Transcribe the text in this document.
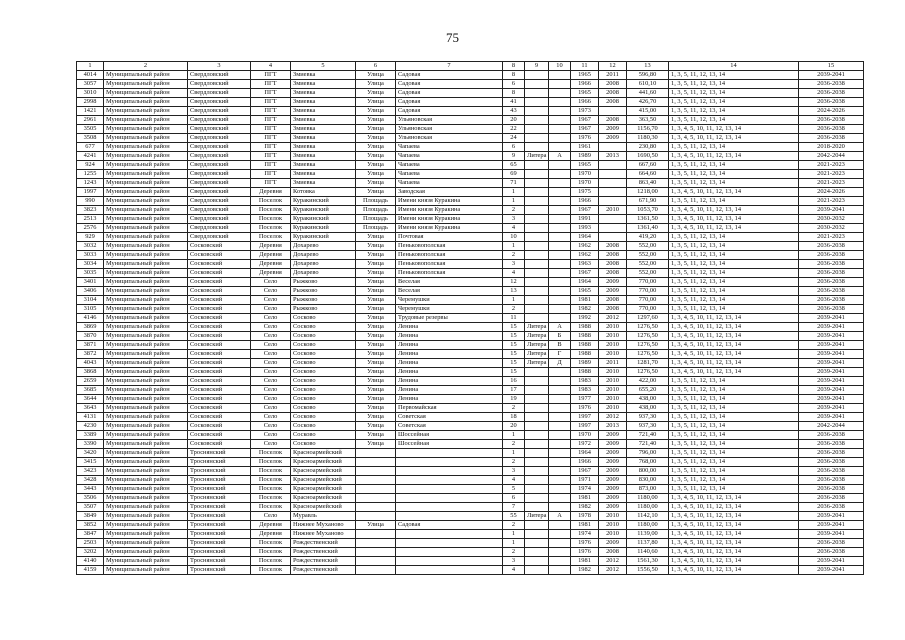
75
1	2	3	4	5	6	7	8	9	10	11	12	13	14	15
4014	Муниципальный район	Свердловский	ПГТ	Змиевка	Улица	Садовая	8			1965	2011	596,80	1, 3, 5, 11, 12, 13, 14	2039-2041
3057	Муниципальный район	Свердловский	ПГТ	Змиевка	Улица	Садовая	6			1966	2008	610,10	1, 3, 5, 11, 12, 13, 14	2036-2038
3010	Муниципальный район	Свердловский	ПГТ	Змиевка	Улица	Садовая	8			1965	2008	441,60	1, 3, 5, 11, 12, 13, 14	2036-2038
2998	Муниципальный район	Свердловский	ПГТ	Змиевка	Улица	Садовая	41			1966	2008	426,70	1, 3, 5, 11, 12, 13, 14	2036-2038
1421	Муниципальный район	Свердловский	ПГТ	Змиевка	Улица	Садовая	43			1973		415,00	1, 3, 5, 11, 12, 13, 14	2024-2026
2961	Муниципальный район	Свердловский	ПГТ	Змиевка	Улица	Ульяновская	20			1967	2008	363,50	1, 3, 5, 11, 12, 13, 14	2036-2038
3505	Муниципальный район	Свердловский	ПГТ	Змиевка	Улица	Ульяновская	22			1967	2009	1156,70	1, 3, 4, 5, 10, 11, 12, 13, 14	2036-2038
3508	Муниципальный район	Свердловский	ПГТ	Змиевка	Улица	Ульяновская	24			1976	2009	1180,30	1, 3, 4, 5, 10, 11, 12, 13, 14	2036-2038
677	Муниципальный район	Свердловский	ПГТ	Змиевка	Улица	Чапаева	6			1961		230,80	1, 3, 5, 11, 12, 13, 14	2018-2020
4241	Муниципальный район	Свердловский	ПГТ	Змиевка	Улица	Чапаева	9	Литера	А	1989	2013	1690,50	1, 3, 4, 5, 10, 11, 12, 13, 14	2042-2044
924	Муниципальный район	Свердловский	ПГТ	Змиевка	Улица	Чапаева	65			1965		667,60	1, 3, 5, 11, 12, 13, 14	2021-2023
1255	Муниципальный район	Свердловский	ПГТ	Змиевка	Улица	Чапаева	69			1970		664,60	1, 3, 5, 11, 12, 13, 14	2021-2023
1243	Муниципальный район	Свердловский	ПГТ	Змиевка	Улица	Чапаева	71			1970		863,40	1, 3, 5, 11, 12, 13, 14	2021-2023
1997	Муниципальный район	Свердловский	Деревня	Котовка	Улица	Заводская	1			1975		1218,00	1, 3, 4, 5, 10, 11, 12, 13, 14	2024-2026
990	Муниципальный район	Свердловский	Поселок	Куракинский	Площадь	Имени князя Куракина	1			1966		671,90	1, 3, 5, 11, 12, 13, 14	2021-2023
3823	Муниципальный район	Свердловский	Поселок	Куракинский	Площадь	Имени князя Куракина	2			1967	2010	1053,70	1, 3, 4, 5, 10, 11, 12, 13, 14	2039-2041
2513	Муниципальный район	Свердловский	Поселок	Куракинский	Площадь	Имени князя Куракина	3			1991		1361,50	1, 3, 4, 5, 10, 11, 12, 13, 14	2030-2032
2576	Муниципальный район	Свердловский	Поселок	Куракинский	Площадь	Имени князя Куракина	4			1993		1361,40	1, 3, 4, 5, 10, 11, 12, 13, 14	2030-2032
929	Муниципальный район	Свердловский	Поселок	Куракинский	Улица	Почтовая	10			1964		419,20	1, 3, 5, 11, 12, 13, 14	2021-2023
3032	Муниципальный район	Сосковский	Деревня	Дохарево	Улица	Пеньковополская	1			1962	2008	552,00	1, 3, 5, 11, 12, 13, 14	2036-2038
3033	Муниципальный район	Сосковский	Деревня	Дохарево	Улица	Пеньковополская	2			1962	2008	552,00	1, 3, 5, 11, 12, 13, 14	2036-2038
3034	Муниципальный район	Сосковский	Деревня	Дохарево	Улица	Пеньковополская	3			1963	2008	552,00	1, 3, 5, 11, 12, 13, 14	2036-2038
3035	Муниципальный район	Сосковский	Деревня	Дохарево	Улица	Пеньковополская	4			1967	2008	552,00	1, 3, 5, 11, 12, 13, 14	2036-2038
3401	Муниципальный район	Сосковский	Село	Рыжково	Улица	Веселая	12			1964	2009	770,00	1, 3, 5, 11, 12, 13, 14	2036-2038
3406	Муниципальный район	Сосковский	Село	Рыжково	Улица	Веселая	13			1965	2009	770,00	1, 3, 5, 11, 12, 13, 14	2036-2038
3104	Муниципальный район	Сосковский	Село	Рыжково	Улица	Черемушки	1			1981	2008	770,00	1, 3, 5, 11, 12, 13, 14	2036-2038
3105	Муниципальный район	Сосковский	Село	Рыжково	Улица	Черемушки	2			1982	2008	770,00	1, 3, 5, 11, 12, 13, 14	2036-2038
4146	Муниципальный район	Сосковский	Село	Сосково	Улица	Трудовые резервы	11			1992	2012	1297,60	1, 3, 4, 5, 10, 11, 12, 13, 14	2039-2041
3869	Муниципальный район	Сосковский	Село	Сосково	Улица	Ленина	15	Литера	А	1988	2010	1276,50	1, 3, 4, 5, 10, 11, 12, 13, 14	2039-2041
3870	Муниципальный район	Сосковский	Село	Сосково	Улица	Ленина	15	Литера	Б	1988	2010	1276,50	1, 3, 4, 5, 10, 11, 12, 13, 14	2039-2041
3871	Муниципальный район	Сосковский	Село	Сосково	Улица	Ленина	15	Литера	В	1988	2010	1276,50	1, 3, 4, 5, 10, 11, 12, 13, 14	2039-2041
3872	Муниципальный район	Сосковский	Село	Сосково	Улица	Ленина	15	Литера	Г	1988	2010	1276,50	1, 3, 4, 5, 10, 11, 12, 13, 14	2039-2041
4043	Муниципальный район	Сосковский	Село	Сосково	Улица	Ленина	15	Литера	Д	1989	2011	1281,70	1, 3, 4, 5, 10, 11, 12, 13, 14	2039-2041
3868	Муниципальный район	Сосковский	Село	Сосково	Улица	Ленина	15			1988	2010	1276,50	1, 3, 4, 5, 10, 11, 12, 13, 14	2039-2041
2659	Муниципальный район	Сосковский	Село	Сосково	Улица	Ленина	16			1983	2010	422,00	1, 3, 5, 11, 12, 13, 14	2039-2041
3685	Муниципальный район	Сосковский	Село	Сосково	Улица	Ленина	17			1983	2010	655,20	1, 3, 5, 11, 12, 13, 14	2039-2041
3644	Муниципальный район	Сосковский	Село	Сосково	Улица	Ленина	19			1977	2010	438,00	1, 3, 5, 11, 12, 13, 14	2039-2041
3643	Муниципальный район	Сосковский	Село	Сосково	Улица	Первомайская	2			1976	2010	438,00	1, 3, 5, 11, 12, 13, 14	2039-2041
4131	Муниципальный район	Сосковский	Село	Сосково	Улица	Советская	18			1997	2012	937,30	1, 3, 5, 11, 12, 13, 14	2039-2041
4230	Муниципальный район	Сосковский	Село	Сосково	Улица	Советская	20			1997	2013	937,30	1, 3, 5, 11, 12, 13, 14	2042-2044
3389	Муниципальный район	Сосковский	Село	Сосково	Улица	Шоссейная	1			1970	2009	721,40	1, 3, 5, 11, 12, 13, 14	2036-2038
3390	Муниципальный район	Сосковский	Село	Сосково	Улица	Шоссейная	2			1972	2009	721,40	1, 3, 5, 11, 12, 13, 14	2036-2038
3420	Муниципальный район	Троснянский	Поселок	Красноармейский			1			1964	2009	796,00	1, 3, 5, 11, 12, 13, 14	2036-2038
3415	Муниципальный район	Троснянский	Поселок	Красноармейский			2			1966	2009	768,00	1, 3, 5, 11, 12, 13, 14	2036-2038
3423	Муниципальный район	Троснянский	Поселок	Красноармейский			3			1967	2009	800,00	1, 3, 5, 11, 12, 13, 14	2036-2038
3428	Муниципальный район	Троснянский	Поселок	Красноармейский			4			1971	2009	830,00	1, 3, 5, 11, 12, 13, 14	2036-2038
3443	Муниципальный район	Троснянский	Поселок	Красноармейский			5			1974	2009	873,00	1, 3, 5, 11, 12, 13, 14	2036-2038
3506	Муниципальный район	Троснянский	Поселок	Красноармейский			6			1981	2009	1180,00	1, 3, 4, 5, 10, 11, 12, 13, 14	2036-2038
3507	Муниципальный район	Троснянский	Поселок	Красноармейский			7			1982	2009	1180,00	1, 3, 4, 5, 10, 11, 12, 13, 14	2036-2038
3849	Муниципальный район	Троснянский	Село	Муравль			55	Литера	А	1978	2010	1142,10	1, 3, 4, 5, 10, 11, 12, 13, 14	2039-2041
3852	Муниципальный район	Троснянский	Деревня	Нижнее Муханово	Улица	Садовая	2			1981	2010	1180,00	1, 3, 4, 5, 10, 11, 12, 13, 14	2039-2041
3847	Муниципальный район	Троснянский	Деревня	Нижнее Муханово			1			1974	2010	1139,00	1, 3, 4, 5, 10, 11, 12, 13, 14	2039-2041
2503	Муниципальный район	Троснянский	Поселок	Рождественский			1			1976	2009	1137,80	1, 3, 4, 5, 10, 11, 12, 13, 14	2036-2038
3202	Муниципальный район	Троснянский	Поселок	Рождественский			2			1976	2008	1140,60	1, 3, 4, 5, 10, 11, 12, 13, 14	2036-2038
4140	Муниципальный район	Троснянский	Поселок	Рождественский			3			1981	2012	1561,30	1, 3, 4, 5, 10, 11, 12, 13, 14	2039-2041
4159	Муниципальный район	Троснянский	Поселок	Рождественский			4			1982	2012	1556,50	1, 3, 4, 5, 10, 11, 12, 13, 14	2039-2041
